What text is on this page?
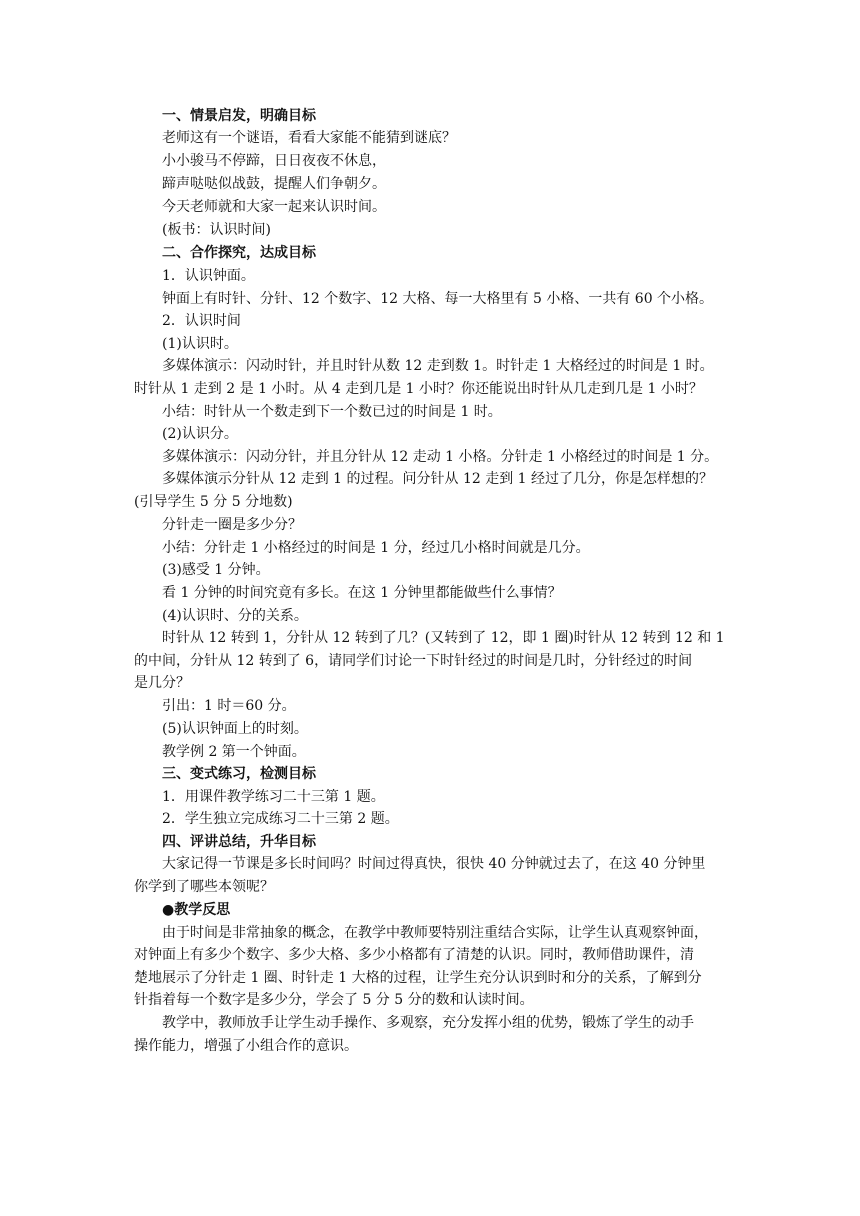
一、情景启发，明确目标
老师这有一个谜语，看看大家能不能猜到谜底？
小小骏马不停蹄，日日夜夜不休息，
蹄声哒哒似战鼓，提醒人们争朝夕。
今天老师就和大家一起来认识时间。
(板书：认识时间)
二、合作探究，达成目标
1．认识钟面。
钟面上有时针、分针、12 个数字、12 大格、每一大格里有 5 小格、一共有 60 个小格。
2．认识时间
(1)认识时。
多媒体演示：闪动时针，并且时针从数 12 走到数 1。时针走 1 大格经过的时间是 1 时。
时针从 1 走到 2 是 1 小时。从 4 走到几是 1 小时？你还能说出时针从几走到几是 1 小时？
小结：时针从一个数走到下一个数已过的时间是 1 时。
(2)认识分。
多媒体演示：闪动分针，并且分针从 12 走动 1 小格。分针走 1 小格经过的时间是 1 分。
多媒体演示分针从 12 走到 1 的过程。问分针从 12 走到 1 经过了几分，你是怎样想的？
(引导学生 5 分 5 分地数)
分针走一圈是多少分？
小结：分针走 1 小格经过的时间是 1 分，经过几小格时间就是几分。
(3)感受 1 分钟。
看 1 分钟的时间究竟有多长。在这 1 分钟里都能做些什么事情？
(4)认识时、分的关系。
时针从 12 转到 1，分针从 12 转到了几？(又转到了 12，即 1 圈)时针从 12 转到 12 和 1
的中间，分针从 12 转到了 6，请同学们讨论一下时针经过的时间是几时，分针经过的时间
是几分？
引出：1 时＝60 分。
(5)认识钟面上的时刻。
教学例 2 第一个钟面。
三、变式练习，检测目标
1．用课件教学练习二十三第 1 题。
2．学生独立完成练习二十三第 2 题。
四、评讲总结，升华目标
大家记得一节课是多长时间吗？时间过得真快，很快 40 分钟就过去了，在这 40 分钟里
你学到了哪些本领呢？
●教学反思
由于时间是非常抽象的概念，在教学中教师要特别注重结合实际，让学生认真观察钟面，
对钟面上有多少个数字、多少大格、多少小格都有了清楚的认识。同时，教师借助课件，清
楚地展示了分针走 1 圈、时针走 1 大格的过程，让学生充分认识到时和分的关系，了解到分
针指着每一个数字是多少分，学会了 5 分 5 分的数和认读时间。
教学中，教师放手让学生动手操作、多观察，充分发挥小组的优势，锻炼了学生的动手
操作能力，增强了小组合作的意识。
